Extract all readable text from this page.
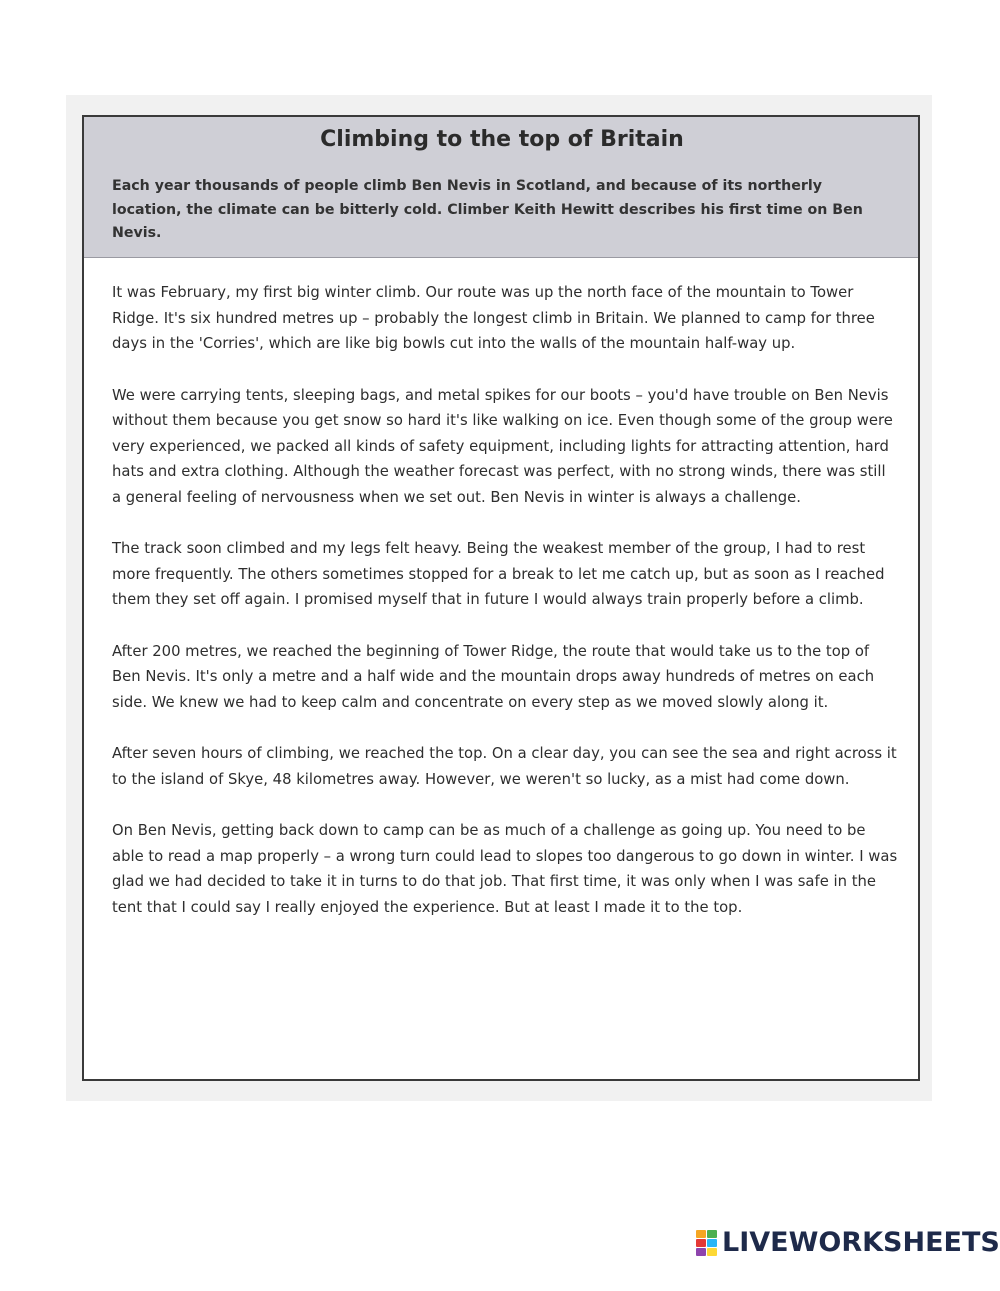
Climbing to the top of Britain

Each year thousands of people climb Ben Nevis in Scotland, and because of its northerly location, the climate can be bitterly cold. Climber Keith Hewitt describes his first time on Ben Nevis.

It was February, my first big winter climb. Our route was up the north face of the mountain to Tower Ridge. It's six hundred metres up – probably the longest climb in Britain. We planned to camp for three days in the 'Corries', which are like big bowls cut into the walls of the mountain half-way up.

We were carrying tents, sleeping bags, and metal spikes for our boots – you'd have trouble on Ben Nevis without them because you get snow so hard it's like walking on ice. Even though some of the group were very experienced, we packed all kinds of safety equipment, including lights for attracting attention, hard hats and extra clothing. Although the weather forecast was perfect, with no strong winds, there was still a general feeling of nervousness when we set out. Ben Nevis in winter is always a challenge.

The track soon climbed and my legs felt heavy. Being the weakest member of the group, I had to rest more frequently. The others sometimes stopped for a break to let me catch up, but as soon as I reached them they set off again. I promised myself that in future I would always train properly before a climb.

After 200 metres, we reached the beginning of Tower Ridge, the route that would take us to the top of Ben Nevis. It's only a metre and a half wide and the mountain drops away hundreds of metres on each side. We knew we had to keep calm and concentrate on every step as we moved slowly along it.

After seven hours of climbing, we reached the top. On a clear day, you can see the sea and right across it to the island of Skye, 48 kilometres away. However, we weren't so lucky, as a mist had come down.

On Ben Nevis, getting back down to camp can be as much of a challenge as going up. You need to be able to read a map properly – a wrong turn could lead to slopes too dangerous to go down in winter. I was glad we had decided to take it in turns to do that job. That first time, it was only when I was safe in the tent that I could say I really enjoyed the experience. But at least I made it to the top.

LIVEWORKSHEETS
